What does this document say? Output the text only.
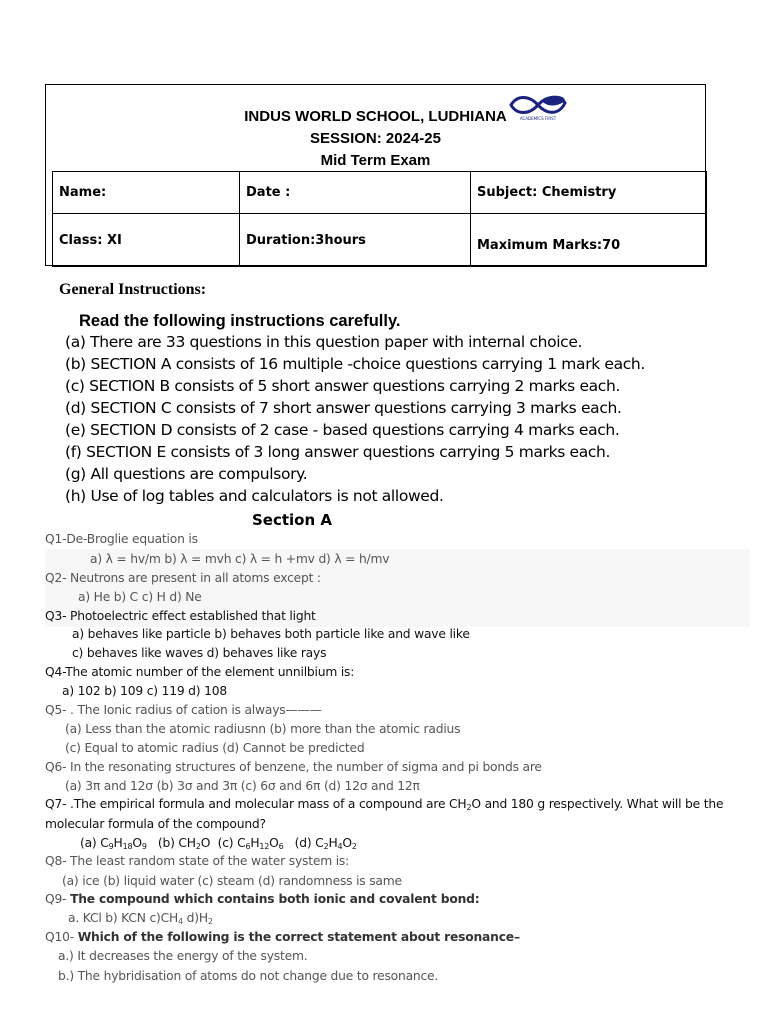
INDUS WORLD SCHOOL, LUDHIANA
SESSION: 2024-25
Mid Term Exam
ACADEMICS FIRST
Name:	Date :	Subject: Chemistry
Class: XI	Duration:3hours	Maximum Marks:70
General Instructions:
Read the following instructions carefully.
(a) There are 33 questions in this question paper with internal choice.
(b) SECTION A consists of 16 multiple -choice questions carrying 1 mark each.
(c) SECTION B consists of 5 short answer questions carrying 2 marks each.
(d) SECTION C consists of 7 short answer questions carrying 3 marks each.
(e) SECTION D consists of 2 case - based questions carrying 4 marks each.
(f) SECTION E consists of 3 long answer questions carrying 5 marks each.
(g) All questions are compulsory.
(h) Use of log tables and calculators is not allowed.
Section A
Q1-De-Broglie equation is
a) λ = hv/m b) λ = mvh c) λ = h +mv d) λ = h/mv
Q2- Neutrons are present in all atoms except :
a) He b) C c) H d) Ne
Q3- Photoelectric effect established that light
a) behaves like particle b) behaves both particle like and wave like
c) behaves like waves d) behaves like rays
Q4-The atomic number of the element unnilbium is:
a) 102 b) 109 c) 119 d) 108
Q5- . The Ionic radius of cation is always———
(a) Less than the atomic radiusnn (b) more than the atomic radius
(c) Equal to atomic radius (d) Cannot be predicted
Q6- In the resonating structures of benzene, the number of sigma and pi bonds are
(a) 3π and 12σ (b) 3σ and 3π (c) 6σ and 6π (d) 12σ and 12π
Q7- .The empirical formula and molecular mass of a compound are $CH_2O$ and 180 g respectively. What will be the
molecular formula of the compound?
(a) $C_9H_{18}O_9$   (b) $CH_2O$  (c) $C_6H_{12}O_6$   (d) $C_2H_4O_2$
Q8- The least random state of the water system is:
(a) ice (b) liquid water (c) steam (d) randomness is same
Q9- The compound which contains both ionic and covalent bond:
a. KCl b) KCN $c)CH_4$ $d)H_2$
Q10- Which of the following is the correct statement about resonance–
a.) It decreases the energy of the system.
b.) The hybridisation of atoms do not change due to resonance.
